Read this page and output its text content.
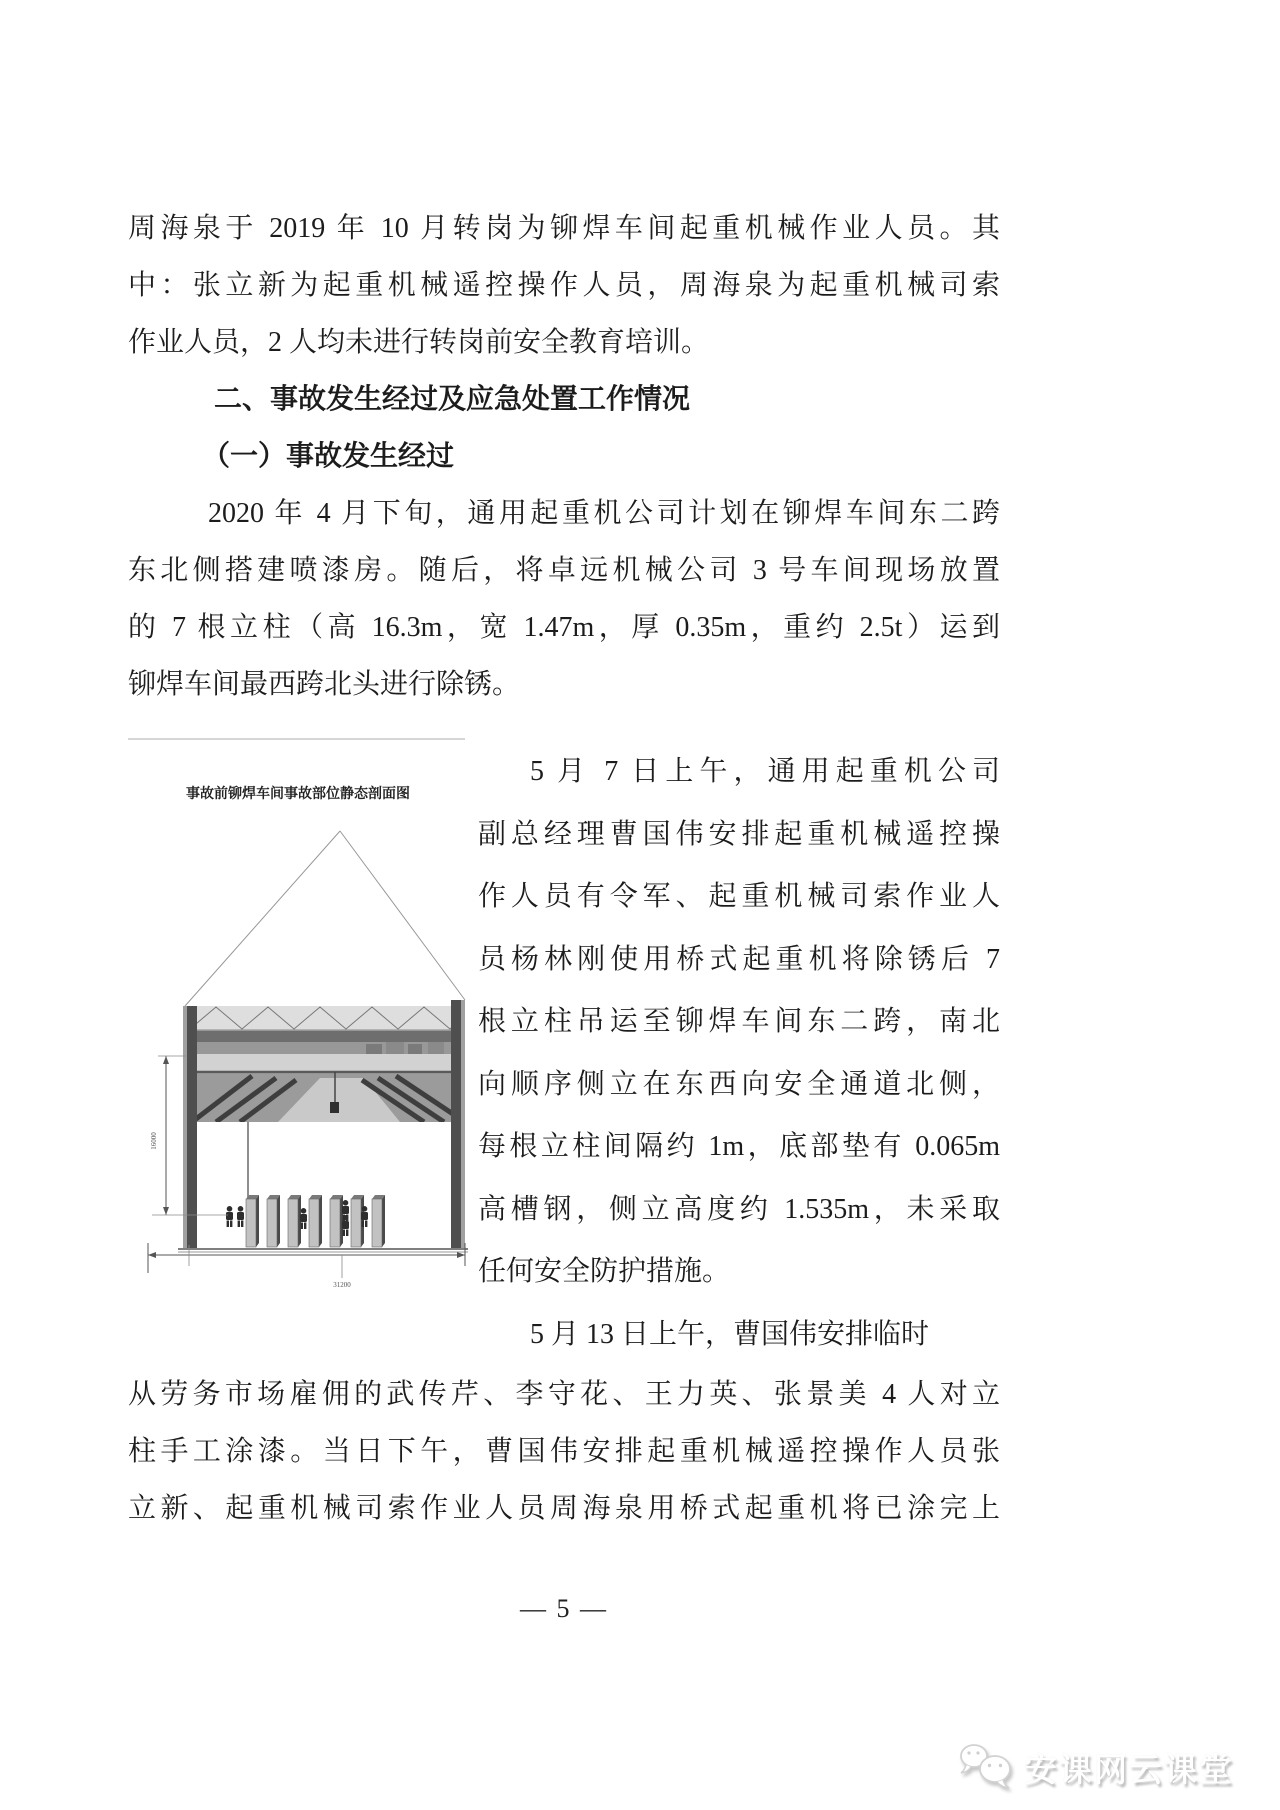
周海泉于 2019 年 10 月转岗为铆焊车间起重机械作业人员。其
中：张立新为起重机械遥控操作人员，周海泉为起重机械司索
作业人员，2 人均未进行转岗前安全教育培训。
二、事故发生经过及应急处置工作情况
（一）事故发生经过
2020 年 4 月下旬，通用起重机公司计划在铆焊车间东二跨
东北侧搭建喷漆房。随后，将卓远机械公司 3 号车间现场放置
的 7 根立柱（高 16.3m，宽 1.47m，厚 0.35m，重约 2.5t）运到
铆焊车间最西跨北头进行除锈。
事故前铆焊车间事故部位静态剖面图
16000
31200
5 月 7 日上午，通用起重机公司
副总经理曹国伟安排起重机械遥控操
作人员有令军、起重机械司索作业人
员杨林刚使用桥式起重机将除锈后 7
根立柱吊运至铆焊车间东二跨，南北
向顺序侧立在东西向安全通道北侧，
每根立柱间隔约 1m，底部垫有 0.065m
高槽钢，侧立高度约 1.535m，未采取
任何安全防护措施。
5 月 13 日上午，曹国伟安排临时
从劳务市场雇佣的武传芹、李守花、王力英、张景美 4 人对立
柱手工涂漆。当日下午，曹国伟安排起重机械遥控操作人员张
立新、起重机械司索作业人员周海泉用桥式起重机将已涂完上
— 5 —
安课网云课堂
